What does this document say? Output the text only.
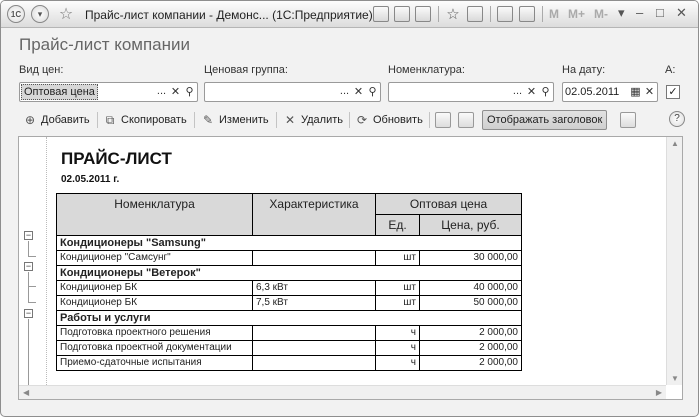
1С	▾	☆ Прайс-лист компании - Демонс... (1С:Предприятие)	☆	M M+ M- ▾ – □ ✕
Прайс-лист компании
Вид цен:
Оптовая цена	... ✕ ⚲
Ценовая группа:
... ✕ ⚲
Номенклатура:
... ✕ ⚲
На дату:
02.05.2011 ▦ ✕
А:
✓
⊕ Добавить ⧉ Скопировать ✎ Изменить ✕ Удалить ⟳ Обновить	Отображать заголовок	?
−
−
−
ПРАЙС-ЛИСТ
02.05.2011 г.
Номенклатура	Характеристика	Оптовая цена	
		Ед.	Цена, руб.
Кондиционеры "Samsung"			
Кондиционер "Самсунг"		шт	30 000,00
Кондиционеры "Ветерок"			
Кондиционер БК	6,3 кВт	шт	40 000,00
Кондиционер БК	7,5 кВт	шт	50 000,00
Работы и услуги			
Подготовка проектного решения		ч	2 000,00
Подготовка проектной документации		ч	2 000,00
Приемо-сдаточные испытания		ч	2 000,00
▲
▼
◀	▶
